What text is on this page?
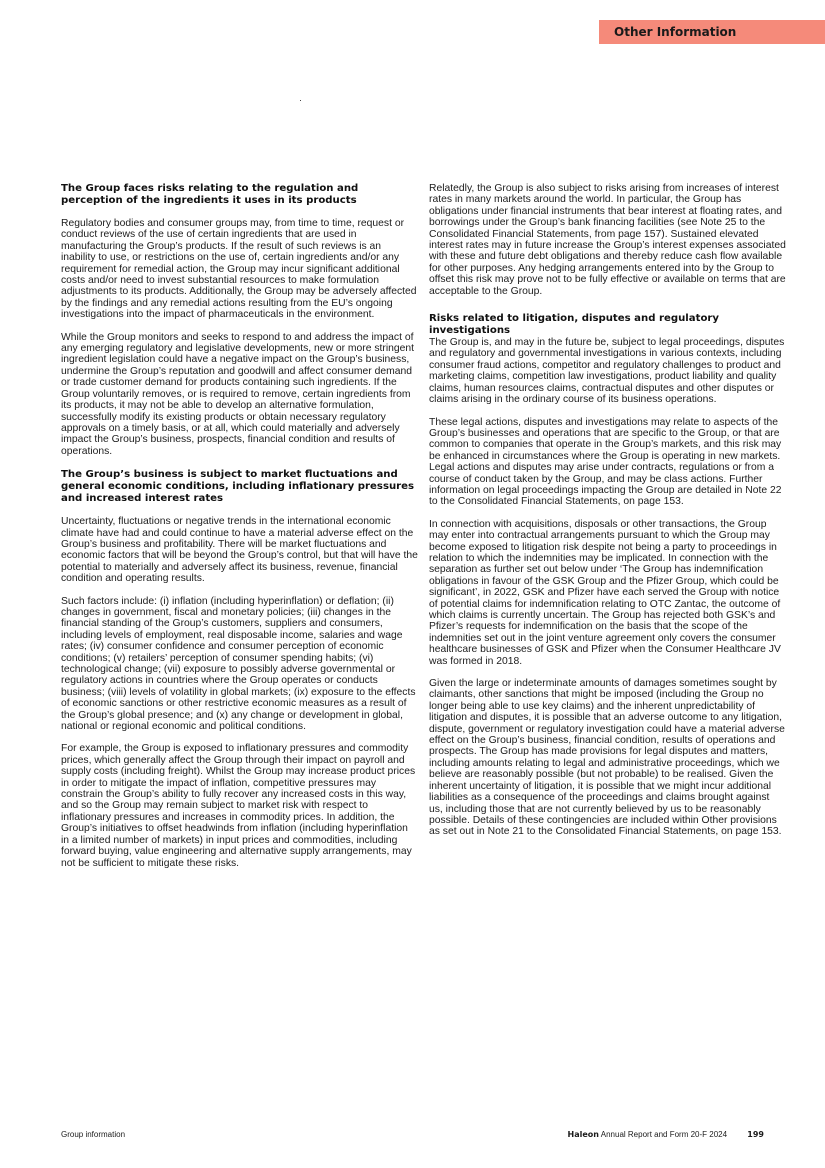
Other Information
The Group faces risks relating to the regulation and perception of the ingredients it uses in its products

Regulatory bodies and consumer groups may, from time to time, request or conduct reviews of the use of certain ingredients that are used in manufacturing the Group’s products. If the result of such reviews is an inability to use, or restrictions on the use of, certain ingredients and/or any requirement for remedial action, the Group may incur significant additional costs and/or need to invest substantial resources to make formulation adjustments to its products. Additionally, the Group may be adversely affected by the findings and any remedial actions resulting from the EU’s ongoing investigations into the impact of pharmaceuticals in the environment.

While the Group monitors and seeks to respond to and address the impact of any emerging regulatory and legislative developments, new or more stringent ingredient legislation could have a negative impact on the Group’s business, undermine the Group’s reputation and goodwill and affect consumer demand or trade customer demand for products containing such ingredients. If the Group voluntarily removes, or is required to remove, certain ingredients from its products, it may not be able to develop an alternative formulation, successfully modify its existing products or obtain necessary regulatory approvals on a timely basis, or at all, which could materially and adversely impact the Group’s business, prospects, financial condition and results of operations.

The Group’s business is subject to market fluctuations and general economic conditions, including inflationary pressures and increased interest rates

Uncertainty, fluctuations or negative trends in the international economic climate have had and could continue to have a material adverse effect on the Group’s business and profitability. There will be market fluctuations and economic factors that will be beyond the Group’s control, but that will have the potential to materially and adversely affect its business, revenue, financial condition and operating results.

Such factors include: (i) inflation (including hyperinflation) or deflation; (ii) changes in government, fiscal and monetary policies; (iii) changes in the financial standing of the Group’s customers, suppliers and consumers, including levels of employment, real disposable income, salaries and wage rates; (iv) consumer confidence and consumer perception of economic conditions; (v) retailers’ perception of consumer spending habits; (vi) technological change; (vii) exposure to possibly adverse governmental or regulatory actions in countries where the Group operates or conducts business; (viii) levels of volatility in global markets; (ix) exposure to the effects of economic sanctions or other restrictive economic measures as a result of the Group’s global presence; and (x) any change or development in global, national or regional economic and political conditions.

For example, the Group is exposed to inflationary pressures and commodity prices, which generally affect the Group through their impact on payroll and supply costs (including freight). Whilst the Group may increase product prices in order to mitigate the impact of inflation, competitive pressures may constrain the Group’s ability to fully recover any increased costs in this way, and so the Group may remain subject to market risk with respect to inflationary pressures and increases in commodity prices. In addition, the Group’s initiatives to offset headwinds from inflation (including hyperinflation in a limited number of markets) in input prices and commodities, including forward buying, value engineering and alternative supply arrangements, may not be sufficient to mitigate these risks.

Relatedly, the Group is also subject to risks arising from increases of interest rates in many markets around the world. In particular, the Group has obligations under financial instruments that bear interest at floating rates, and borrowings under the Group’s bank financing facilities (see Note 25 to the Consolidated Financial Statements, from page 157). Sustained elevated interest rates may in future increase the Group’s interest expenses associated with these and future debt obligations and thereby reduce cash flow available for other purposes. Any hedging arrangements entered into by the Group to offset this risk may prove not to be fully effective or available on terms that are acceptable to the Group.

Risks related to litigation, disputes and regulatory investigations

The Group is, and may in the future be, subject to legal proceedings, disputes and regulatory and governmental investigations in various contexts, including consumer fraud actions, competitor and regulatory challenges to product and marketing claims, competition law investigations, product liability and quality claims, human resources claims, contractual disputes and other disputes or claims arising in the ordinary course of its business operations.

These legal actions, disputes and investigations may relate to aspects of the Group’s businesses and operations that are specific to the Group, or that are common to companies that operate in the Group’s markets, and this risk may be enhanced in circumstances where the Group is operating in new markets. Legal actions and disputes may arise under contracts, regulations or from a course of conduct taken by the Group, and may be class actions. Further information on legal proceedings impacting the Group are detailed in Note 22 to the Consolidated Financial Statements, on page 153.

In connection with acquisitions, disposals or other transactions, the Group may enter into contractual arrangements pursuant to which the Group may become exposed to litigation risk despite not being a party to proceedings in relation to which the indemnities may be implicated. In connection with the separation as further set out below under ‘The Group has indemnification obligations in favour of the GSK Group and the Pfizer Group, which could be significant’, in 2022, GSK and Pfizer have each served the Group with notice of potential claims for indemnification relating to OTC Zantac, the outcome of which claims is currently uncertain. The Group has rejected both GSK’s and Pfizer’s requests for indemnification on the basis that the scope of the indemnities set out in the joint venture agreement only covers the consumer healthcare businesses of GSK and Pfizer when the Consumer Healthcare JV was formed in 2018.

Given the large or indeterminate amounts of damages sometimes sought by claimants, other sanctions that might be imposed (including the Group no longer being able to use key claims) and the inherent unpredictability of litigation and disputes, it is possible that an adverse outcome to any litigation, dispute, government or regulatory investigation could have a material adverse effect on the Group’s business, financial condition, results of operations and prospects. The Group has made provisions for legal disputes and matters, including amounts relating to legal and administrative proceedings, which we believe are reasonably possible (but not probable) to be realised. Given the inherent uncertainty of litigation, it is possible that we might incur additional liabilities as a consequence of the proceedings and claims brought against us, including those that are not currently believed by us to be reasonably possible. Details of these contingencies are included within Other provisions as set out in Note 21 to the Consolidated Financial Statements, on page 153.

Group information	Haleon Annual Report and Form 20-F 2024	199
